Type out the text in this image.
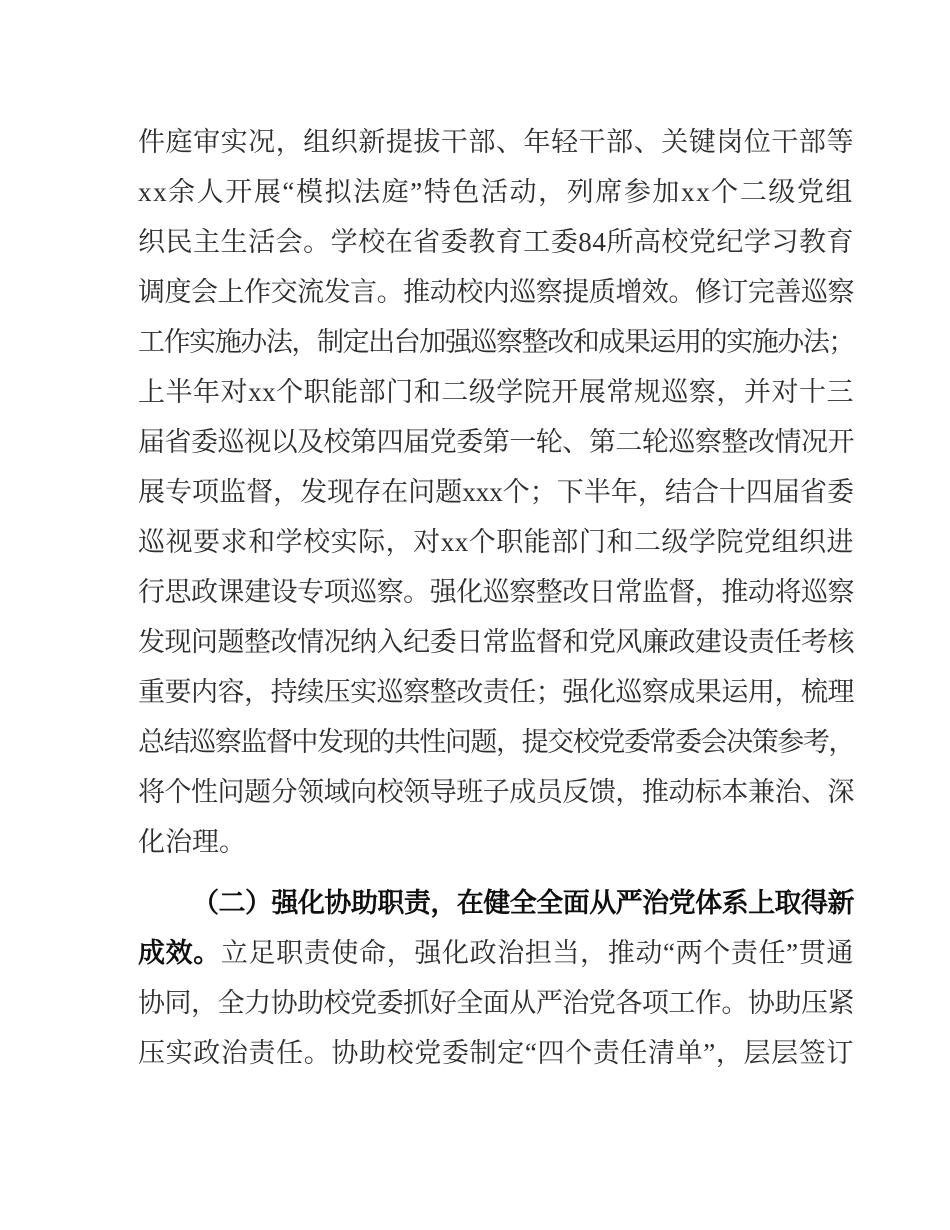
件庭审实况，组织新提拔干部、年轻干部、关键岗位干部等
xx余人开展“模拟法庭”特色活动，列席参加xx个二级党组
织民主生活会。学校在省委教育工委84所高校党纪学习教育
调度会上作交流发言。推动校内巡察提质增效。修订完善巡察
工作实施办法，制定出台加强巡察整改和成果运用的实施办法；
上半年对xx个职能部门和二级学院开展常规巡察，并对十三
届省委巡视以及校第四届党委第一轮、第二轮巡察整改情况开
展专项监督，发现存在问题xxx个；下半年，结合十四届省委
巡视要求和学校实际，对xx个职能部门和二级学院党组织进
行思政课建设专项巡察。强化巡察整改日常监督，推动将巡察
发现问题整改情况纳入纪委日常监督和党风廉政建设责任考核
重要内容，持续压实巡察整改责任；强化巡察成果运用，梳理
总结巡察监督中发现的共性问题，提交校党委常委会决策参考，
将个性问题分领域向校领导班子成员反馈，推动标本兼治、深
化治理。
（二）强化协助职责，在健全全面从严治党体系上取得新
成效。立足职责使命，强化政治担当，推动“两个责任”贯通
协同，全力协助校党委抓好全面从严治党各项工作。协助压紧
压实政治责任。协助校党委制定“四个责任清单”，层层签订
